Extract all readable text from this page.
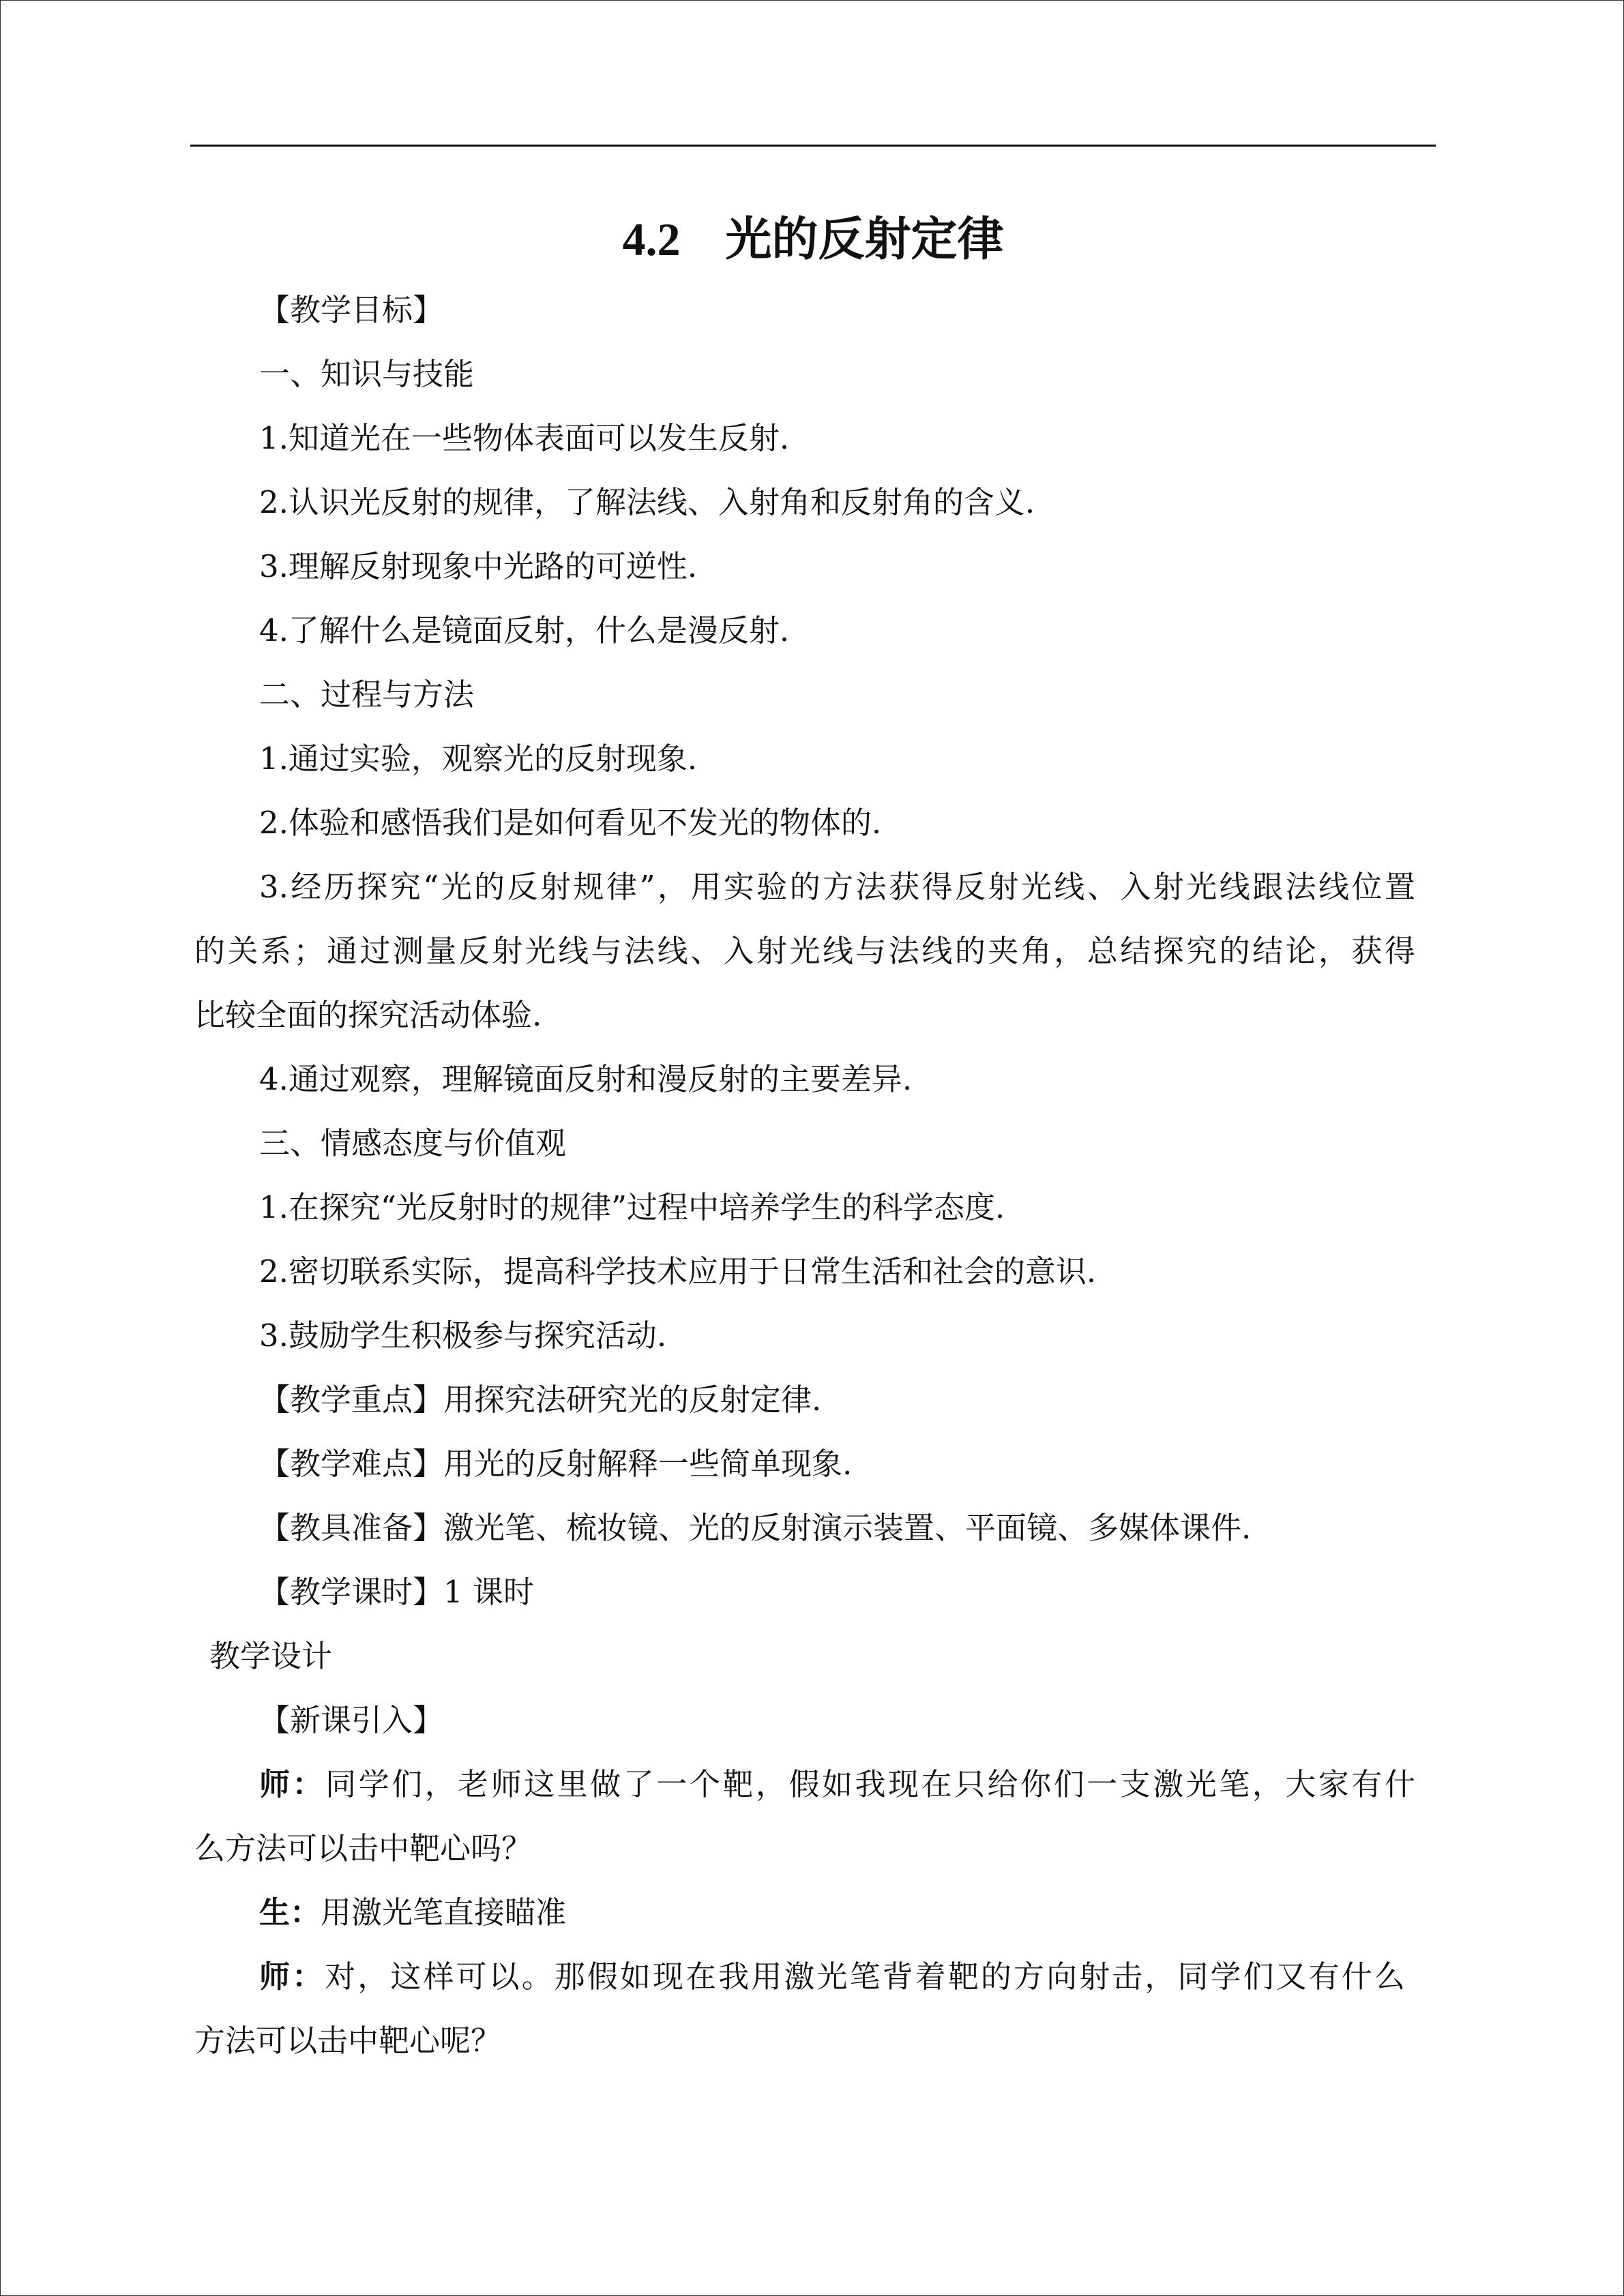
4.2 光的反射定律
【教学目标】
一、知识与技能
1.知道光在一些物体表面可以发生反射.
2.认识光反射的规律，了解法线、入射角和反射角的含义.
3.理解反射现象中光路的可逆性.
4.了解什么是镜面反射，什么是漫反射.
二、过程与方法
1.通过实验，观察光的反射现象.
2.体验和感悟我们是如何看见不发光的物体的.
3.经历探究“光的反射规律”，用实验的方法获得反射光线、入射光线跟法线位置
的关系；通过测量反射光线与法线、入射光线与法线的夹角，总结探究的结论，获得
比较全面的探究活动体验.
4.通过观察，理解镜面反射和漫反射的主要差异.
三、情感态度与价值观
1.在探究“光反射时的规律”过程中培养学生的科学态度.
2.密切联系实际，提高科学技术应用于日常生活和社会的意识.
3.鼓励学生积极参与探究活动.
【教学重点】用探究法研究光的反射定律.
【教学难点】用光的反射解释一些简单现象.
【教具准备】激光笔、梳妆镜、光的反射演示装置、平面镜、多媒体课件.
【教学课时】1 课时
教学设计
【新课引入】
师：同学们，老师这里做了一个靶，假如我现在只给你们一支激光笔，大家有什
么方法可以击中靶心吗？
生：用激光笔直接瞄准
师：对，这样可以。那假如现在我用激光笔背着靶的方向射击，同学们又有什么
方法可以击中靶心呢？
